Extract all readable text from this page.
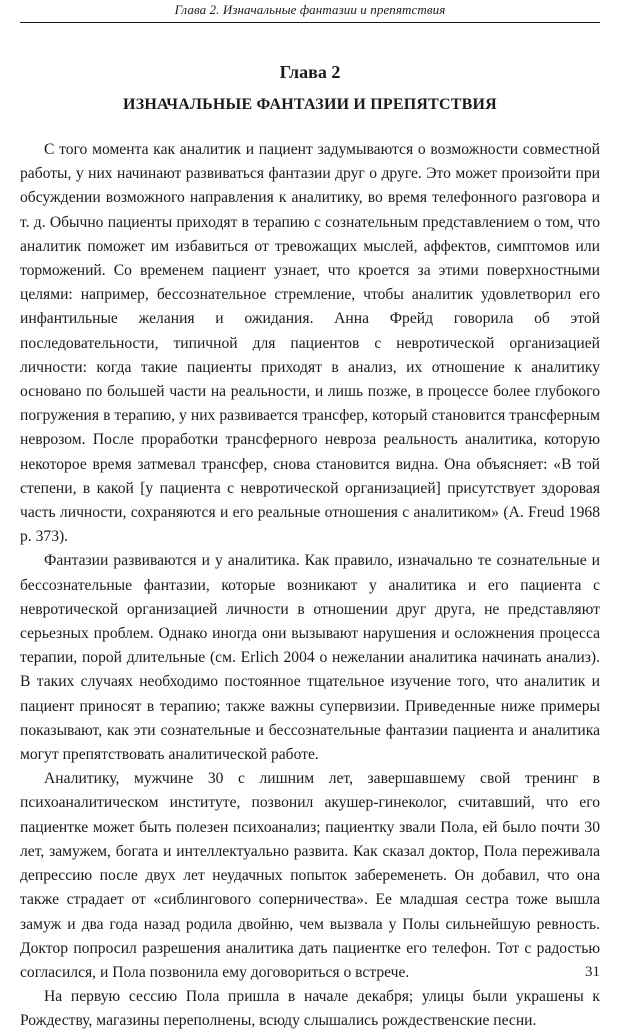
Глава 2. Изначальные фантазии и препятствия
Глава 2
ИЗНАЧАЛЬНЫЕ ФАНТАЗИИ И ПРЕПЯТСТВИЯ

С того момента как аналитик и пациент задумываются о возможности совместной работы, у них начинают развиваться фантазии друг о друге. Это может произойти при обсуждении возможного направления к аналитику, во время телефонного разговора и т. д. Обычно пациенты приходят в терапию с сознательным представлением о том, что аналитик поможет им избавиться от тревожащих мыслей, аффектов, симптомов или торможений. Со временем пациент узнает, что кроется за этими поверхностными целями: например, бессознательное стремление, чтобы аналитик удовлетворил его инфантильные желания и ожидания. Анна Фрейд говорила об этой последовательности, типичной для пациентов с невротической организацией личности: когда такие пациенты приходят в анализ, их отношение к аналитику основано по большей части на реальности, и лишь позже, в процессе более глубокого погружения в терапию, у них развивается трансфер, который становится трансферным неврозом. После проработки трансферного невроза реальность аналитика, которую некоторое время затмевал трансфер, снова становится видна. Она объясняет: «В той степени, в какой [у пациента с невротической организацией] присутствует здоровая часть личности, сохраняются и его реальные отношения с аналитиком» (A. Freud 1968 p. 373).

Фантазии развиваются и у аналитика. Как правило, изначально те сознательные и бессознательные фантазии, которые возникают у аналитика и его пациента с невротической организацией личности в отношении друг друга, не представляют серьезных проблем. Однако иногда они вызывают нарушения и осложнения процесса терапии, порой длительные (см. Erlich 2004 о нежелании аналитика начинать анализ). В таких случаях необходимо постоянное тщательное изучение того, что аналитик и пациент приносят в терапию; также важны супервизии. Приведенные ниже примеры показывают, как эти сознательные и бессознательные фантазии пациента и аналитика могут препятствовать аналитической работе.

Аналитику, мужчине 30 с лишним лет, завершавшему свой тренинг в психоаналитическом институте, позвонил акушер-гинеколог, считавший, что его пациентке может быть полезен психоанализ; пациентку звали Пола, ей было почти 30 лет, замужем, богата и интеллектуально развита. Как сказал доктор, Пола переживала депрессию после двух лет неудачных попыток забеременеть. Он добавил, что она также страдает от «сиблингового соперничества». Ее младшая сестра тоже вышла замуж и два года назад родила двойню, чем вызвала у Полы сильнейшую ревность. Доктор попросил разрешения аналитика дать пациентке его телефон. Тот с радостью согласился, и Пола позвонила ему договориться о встрече.

На первую сессию Пола пришла в начале декабря; улицы были украшены к Рождеству, магазины переполнены, всюду слышались рождественские песни.

31
